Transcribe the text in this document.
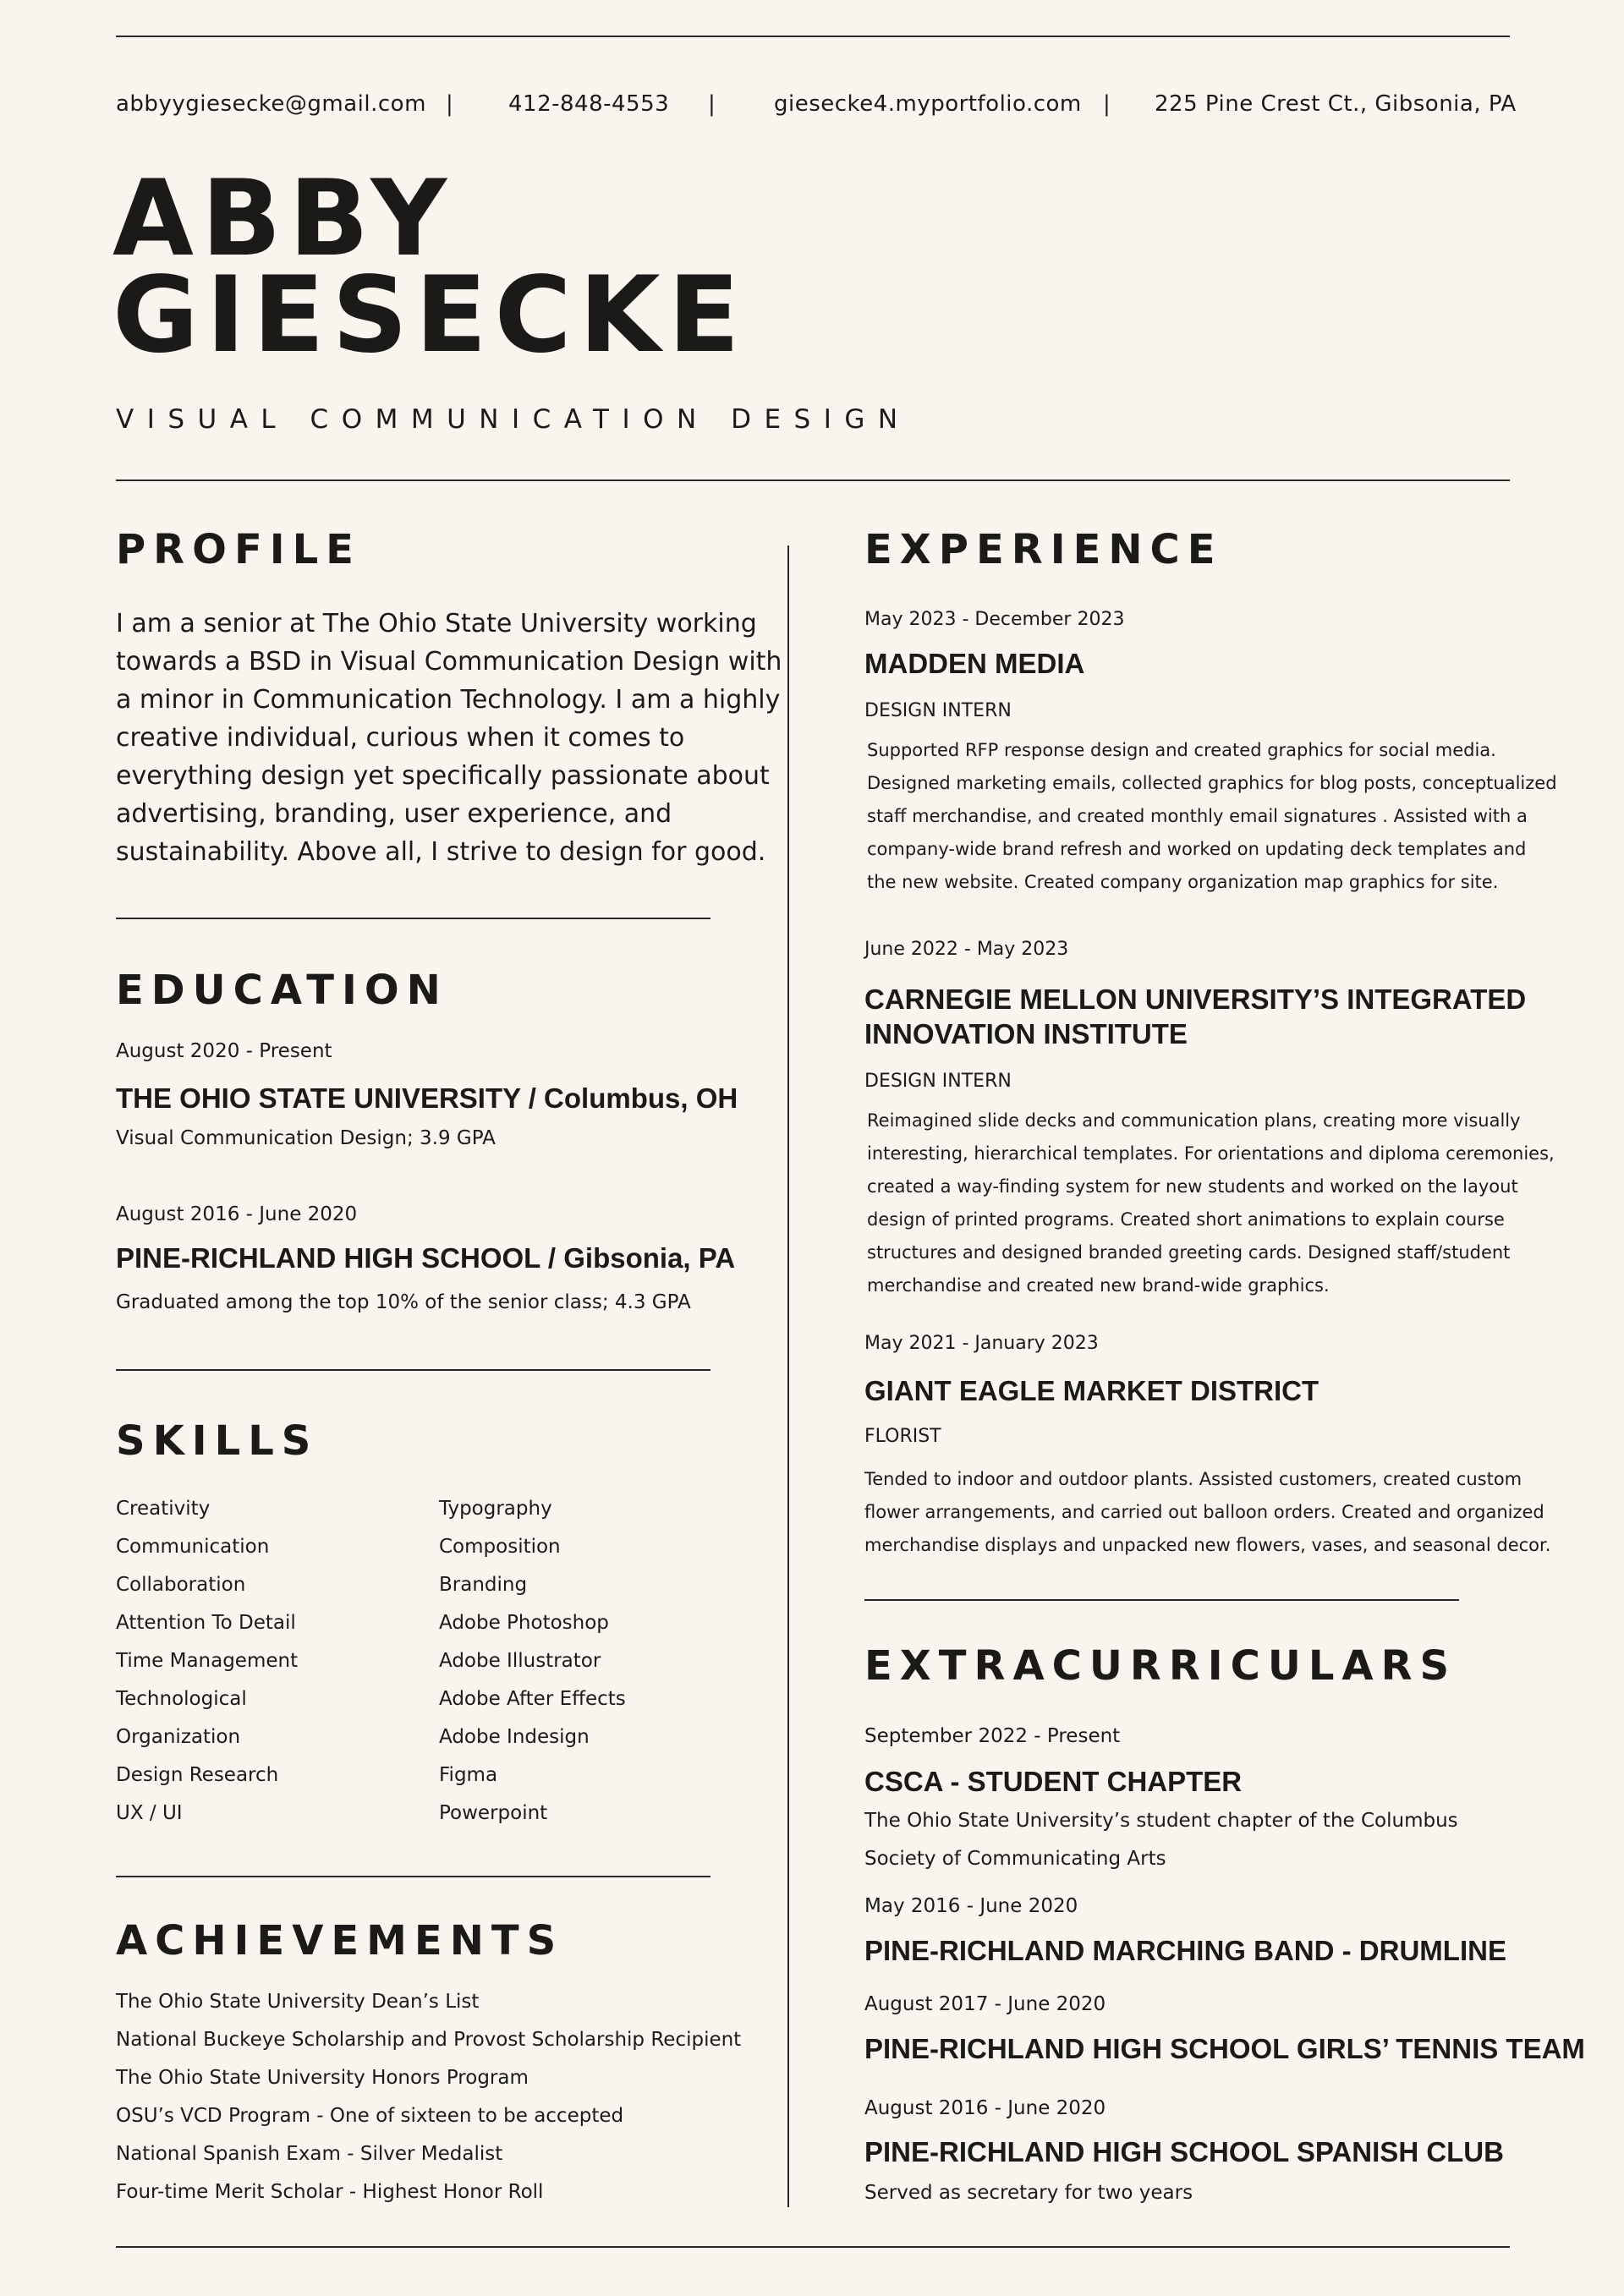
abbyygiesecke@gmail.com | 412-848-4553 |	giesecke4.myportfolio.com | 225 Pine Crest Ct., Gibsonia, PA
ABBY
GIESECKE
VISUAL COMMUNICATION DESIGN
PROFILE
I am a senior at The Ohio State University working
towards a BSD in Visual Communication Design with
a minor in Communication Technology. I am a highly
creative individual, curious when it comes to
everything design yet specifically passionate about
advertising, branding, user experience, and
sustainability. Above all, I strive to design for good.
EDUCATION
August 2020 - Present
THE OHIO STATE UNIVERSITY / Columbus, OH
Visual Communication Design; 3.9 GPA
August 2016 - June 2020
PINE-RICHLAND HIGH SCHOOL / Gibsonia, PA
Graduated among the top 10% of the senior class; 4.3 GPA
SKILLS
Creativity
Communication
Collaboration
Attention To Detail
Time Management
Technological
Organization
Design Research
UX / UI
Typography
Composition
Branding
Adobe Photoshop
Adobe Illustrator
Adobe After Effects
Adobe Indesign
Figma
Powerpoint
ACHIEVEMENTS
The Ohio State University Dean’s List
National Buckeye Scholarship and Provost Scholarship Recipient
The Ohio State University Honors Program
OSU’s VCD Program - One of sixteen to be accepted
National Spanish Exam - Silver Medalist
Four-time Merit Scholar - Highest Honor Roll
EXPERIENCE
May 2023 - December 2023
MADDEN MEDIA
DESIGN INTERN
Supported RFP response design and created graphics for social media.
Designed marketing emails, collected graphics for blog posts, conceptualized
staff merchandise, and created monthly email signatures . Assisted with a
company-wide brand refresh and worked on updating deck templates and
the new website. Created company organization map graphics for site.
June 2022 - May 2023
CARNEGIE MELLON UNIVERSITY’S INTEGRATED
INNOVATION INSTITUTE
DESIGN INTERN
Reimagined slide decks and communication plans, creating more visually
interesting, hierarchical templates. For orientations and diploma ceremonies,
created a way-finding system for new students and worked on the layout
design of printed programs. Created short animations to explain course
structures and designed branded greeting cards. Designed staff/student
merchandise and created new brand-wide graphics.
May 2021 - January 2023
GIANT EAGLE MARKET DISTRICT
FLORIST
Tended to indoor and outdoor plants. Assisted customers, created custom
flower arrangements, and carried out balloon orders. Created and organized
merchandise displays and unpacked new flowers, vases, and seasonal decor.
EXTRACURRICULARS
September 2022 - Present
CSCA - STUDENT CHAPTER
The Ohio State University’s student chapter of the Columbus
Society of Communicating Arts
May 2016 - June 2020
PINE-RICHLAND MARCHING BAND - DRUMLINE
August 2017 - June 2020
PINE-RICHLAND HIGH SCHOOL GIRLS’ TENNIS TEAM
August 2016 - June 2020
PINE-RICHLAND HIGH SCHOOL SPANISH CLUB
Served as secretary for two years
